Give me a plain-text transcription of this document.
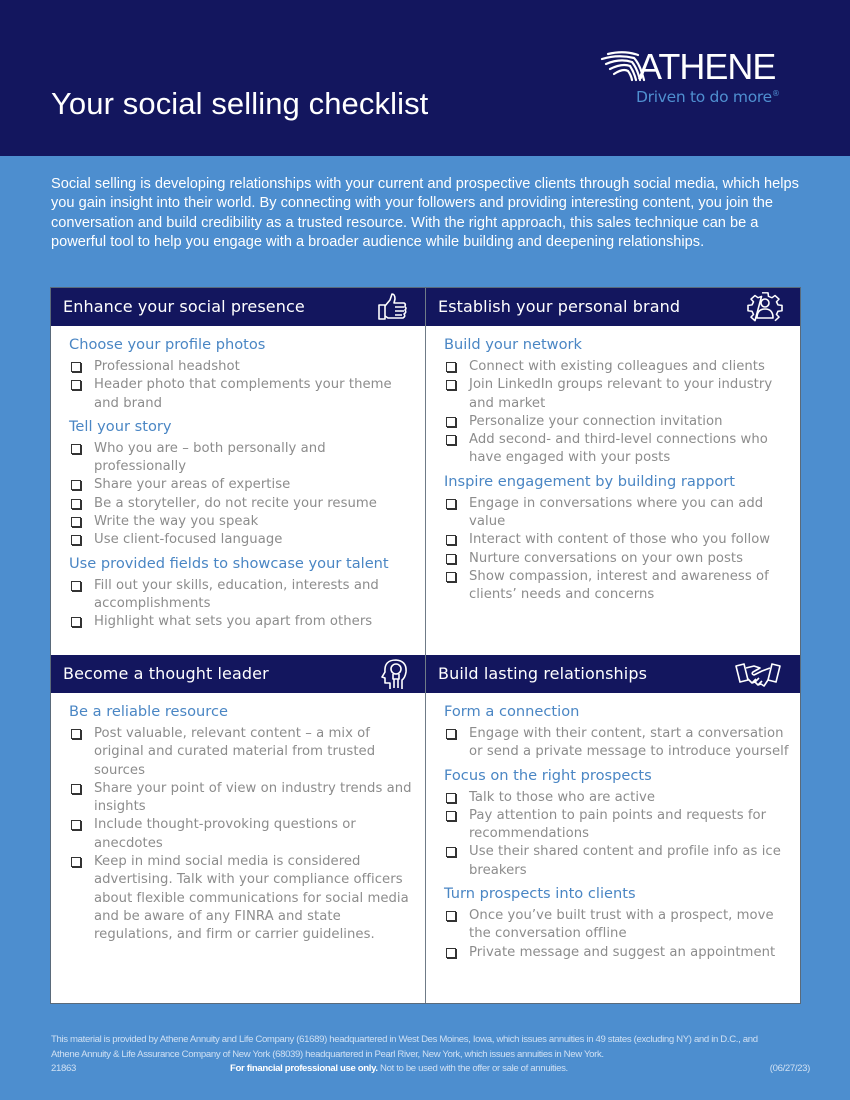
Your social selling checklist
ATHENE
Driven to do more®

Social selling is developing relationships with your current and prospective clients through social media, which helps you gain insight into their world. By connecting with your followers and providing interesting content, you join the conversation and build credibility as a trusted resource. With the right approach, this sales technique can be a powerful tool to help you engage with a broader audience while building and deepening relationships.

Enhance your social presence
Choose your profile photos
Professional headshot
Header photo that complements your theme and brand
Tell your story
Who you are – both personally and professionally
Share your areas of expertise
Be a storyteller, do not recite your resume
Write the way you speak
Use client-focused language
Use provided fields to showcase your talent
Fill out your skills, education, interests and accomplishments
Highlight what sets you apart from others
Establish your personal brand
Build your network
Connect with existing colleagues and clients
Join LinkedIn groups relevant to your industry and market
Personalize your connection invitation
Add second- and third-level connections who have engaged with your posts
Inspire engagement by building rapport
Engage in conversations where you can add value
Interact with content of those who you follow
Nurture conversations on your own posts
Show compassion, interest and awareness of clients’ needs and concerns
Become a thought leader
Be a reliable resource
Post valuable, relevant content – a mix of original and curated material from trusted sources
Share your point of view on industry trends and insights
Include thought-provoking questions or anecdotes
Keep in mind social media is considered advertising. Talk with your compliance officers about flexible communications for social media and be aware of any FINRA and state regulations, and firm or carrier guidelines.
Build lasting relationships
Form a connection
Engage with their content, start a conversation or send a private message to introduce yourself
Focus on the right prospects
Talk to those who are active
Pay attention to pain points and requests for recommendations
Use their shared content and profile info as ice breakers
Turn prospects into clients
Once you’ve built trust with a prospect, move the conversation offline
Private message and suggest an appointment
This material is provided by Athene Annuity and Life Company (61689) headquartered in West Des Moines, Iowa, which issues annuities in 49 states (excluding NY) and in D.C., and
Athene Annuity & Life Assurance Company of New York (68039) headquartered in Pearl River, New York, which issues annuities in New York.
21863	For financial professional use only. Not to be used with the offer or sale of annuities.	(06/27/23)
